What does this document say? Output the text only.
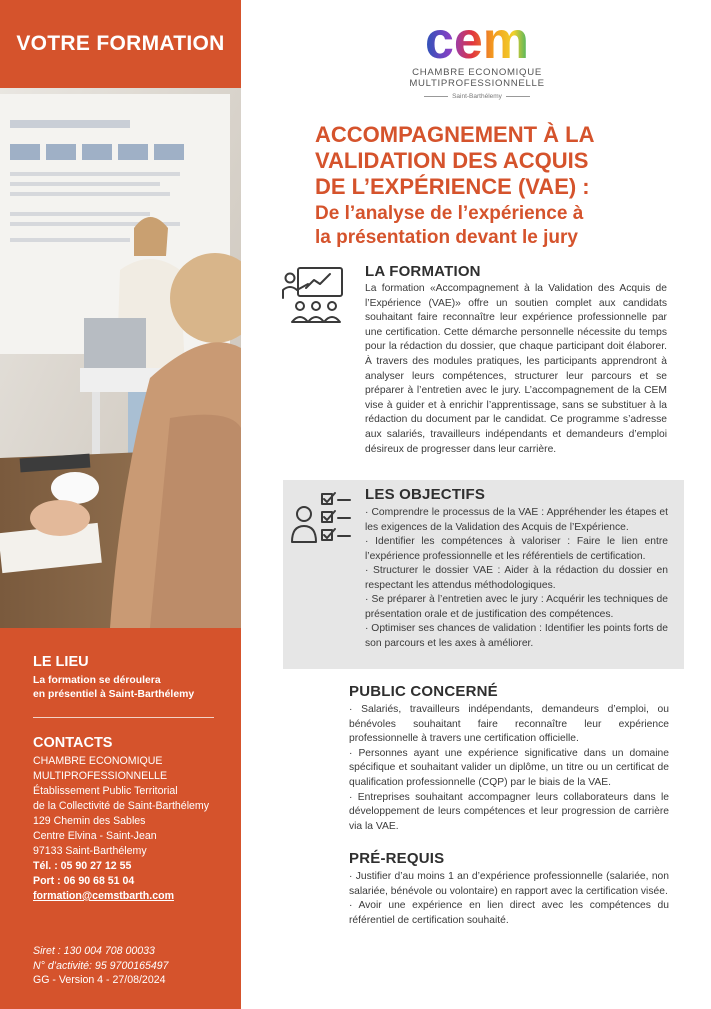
VOTRE FORMATION
LE LIEU
La formation se déroulera
en présentiel à Saint-Barthélemy
CONTACTS
CHAMBRE ECONOMIQUE
MULTIPROFESSIONNELLE
Établissement Public Territorial
de la Collectivité de Saint-Barthélemy
129 Chemin des Sables
Centre Elvina - Saint-Jean
97133 Saint-Barthélemy
Tél. : 05 90 27 12 55
Port : 06 90 68 51 04
formation@cemstbarth.com
Siret : 130 004 708 00033
N° d’activité: 95 9700165497
GG - Version 4 - 27/08/2024
cem
CHAMBRE ECONOMIQUE
MULTIPROFESSIONNELLE
Saint-Barthélemy
ACCOMPAGNEMENT À LA
VALIDATION DES ACQUIS
DE L’EXPÉRIENCE (VAE) :
De l’analyse de l’expérience à
la présentation devant le jury
LA FORMATION
La formation «Accompagnement à la Validation des Acquis de l’Expérience (VAE)» offre un soutien complet aux candidats souhaitant faire reconnaître leur expérience professionnelle par une certification. Cette démarche personnelle nécessite du temps pour la rédaction du dossier, que chaque participant doit élaborer. À travers des modules pratiques, les participants apprendront à analyser leurs compétences, structurer leur parcours et se préparer à l’entretien avec le jury. L’accompagnement de la CEM vise à guider et à enrichir l’apprentissage, sans se substituer à la rédaction du document par le candidat. Ce programme s’adresse aux salariés, travailleurs indépendants et demandeurs d’emploi désireux de progresser dans leur carrière.
LES OBJECTIFS
· Comprendre le processus de la VAE : Appréhender les étapes et les exigences de la Validation des Acquis de l’Expérience.
· Identifier les compétences à valoriser : Faire le lien entre l’expérience professionnelle et les référentiels de certification.
· Structurer le dossier VAE : Aider à la rédaction du dossier en respectant les attendus méthodologiques.
· Se préparer à l’entretien avec le jury : Acquérir les techniques de présentation orale et de justification des compétences.
· Optimiser ses chances de validation : Identifier les points forts de son parcours et les axes à améliorer.
PUBLIC CONCERNÉ
· Salariés, travailleurs indépendants, demandeurs d’emploi, ou bénévoles souhaitant faire reconnaître leur expérience professionnelle à travers une certification officielle.
· Personnes ayant une expérience significative dans un domaine spécifique et souhaitant valider un diplôme, un titre ou un certificat de qualification professionnelle (CQP) par le biais de la VAE.
· Entreprises souhaitant accompagner leurs collaborateurs dans le développement de leurs compétences et leur progression de carrière via la VAE.
PRÉ-REQUIS
· Justifier d’au moins 1 an d’expérience professionnelle (salariée, non salariée, bénévole ou volontaire) en rapport avec la certification visée.
· Avoir une expérience en lien direct avec les compétences du référentiel de certification souhaité.
